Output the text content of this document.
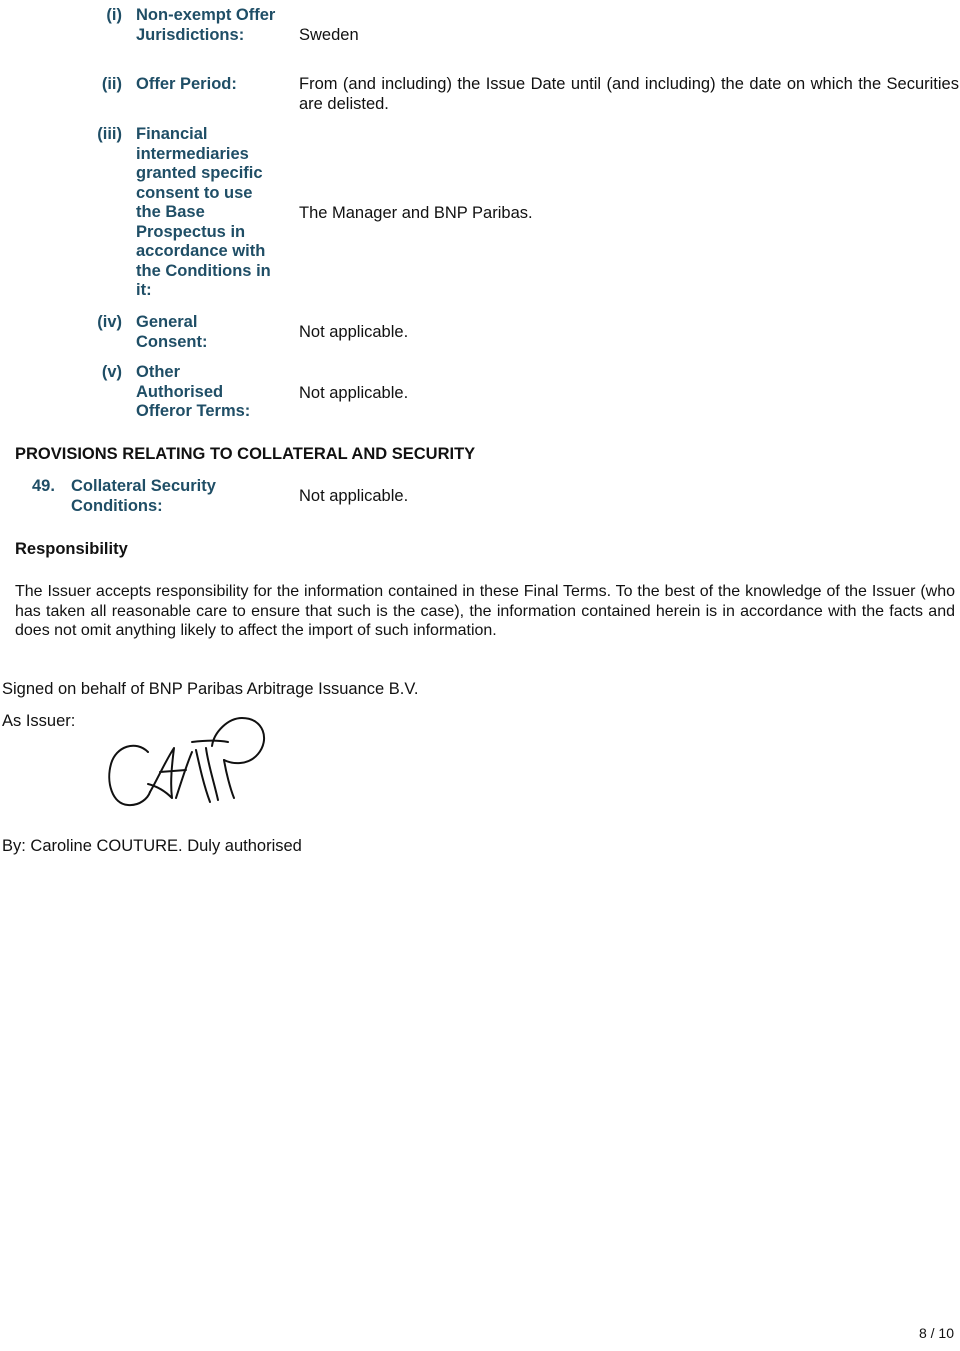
(i) Non-exempt Offer Jurisdictions:	Sweden
(ii) Offer Period:	From (and including) the Issue Date until (and including) the date on which the Securities are delisted.
(iii) Financial intermediaries granted specific consent to use the Base Prospectus in accordance with the Conditions in it:
The Manager and BNP Paribas.
(iv) General Consent:
Not applicable.
(v) Other Authorised Offeror Terms:
Not applicable.
PROVISIONS RELATING TO COLLATERAL AND SECURITY
49. Collateral Security Conditions:
Not applicable.
Responsibility
The Issuer accepts responsibility for the information contained in these Final Terms. To the best of the knowledge of the Issuer (who has taken all reasonable care to ensure that such is the case), the information contained herein is in accordance with the facts and does not omit anything likely to affect the import of such information.
Signed on behalf of BNP Paribas Arbitrage Issuance B.V.
As Issuer:
By: Caroline COUTURE. Duly authorised
8 / 10
